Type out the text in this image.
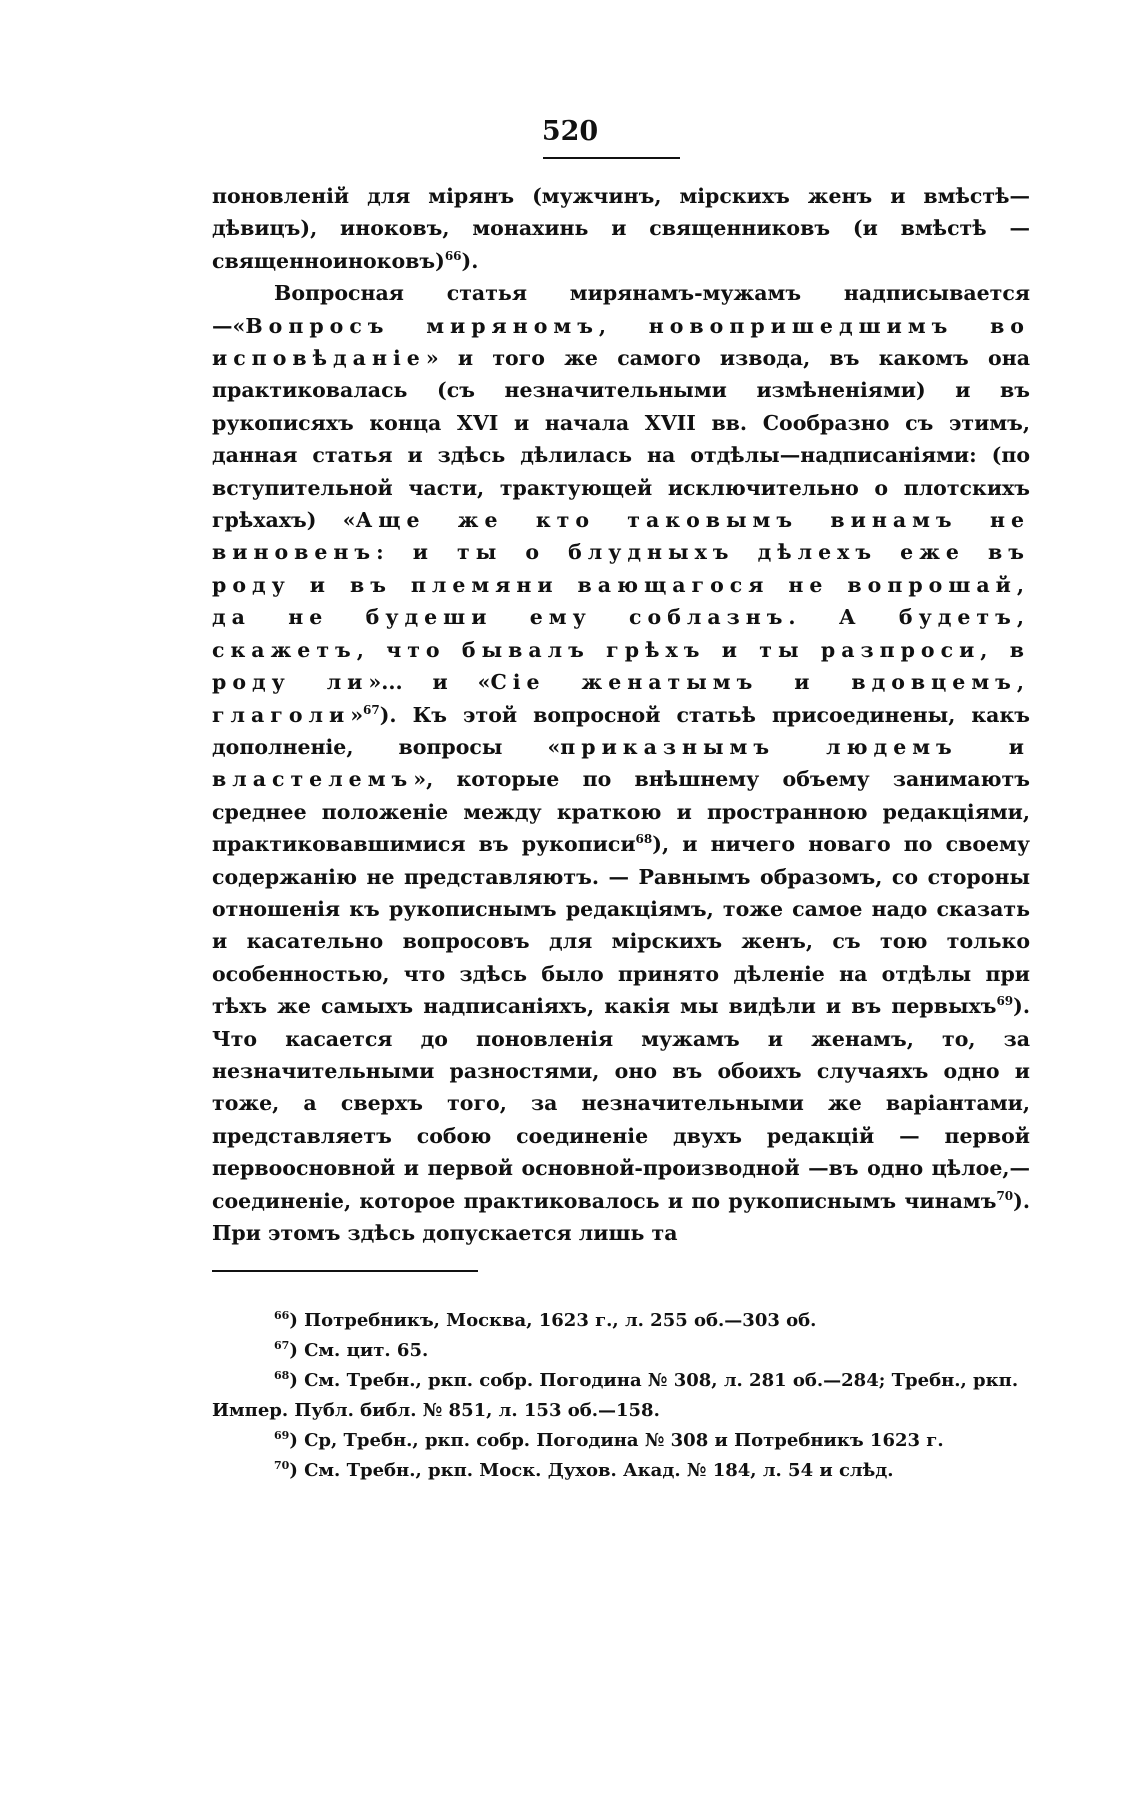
520

поновленій для мірянъ (мужчинъ, мірскихъ женъ и вмѣстѣ—дѣвицъ), иноковъ, монахинь и священниковъ (и вмѣстѣ — священноиноковъ)$^{66}$).

Вопросная статья мирянамъ-мужамъ надписывается—«Вопросъ миряномъ, новопришедшимъ во исповѣданіе» и того же самого извода, въ какомъ она практиковалась (съ незначительными измѣненіями) и въ рукописяхъ конца XVI и начала XVII вв. Сообразно съ этимъ, данная статья и здѣсь дѣлилась на отдѣлы—надписаніями: (по вступительной части, трактующей исключительно о плотскихъ грѣхахъ) «Аще же кто таковымъ винамъ не виновенъ: и ты о блудныхъ дѣлехъ еже въ роду и въ племяни вающагося не вопрошай, да не будеши ему соблазнъ. А будетъ, скажетъ, что бывалъ грѣхъ и ты разпроси, в роду ли»... и «Сіе женатымъ и вдовцемъ, глаголи»$^{67}$). Къ этой вопросной статьѣ присоединены, какъ дополненіе, вопросы «приказнымъ людемъ и властелемъ», которые по внѣшнему объему занимаютъ среднее положеніе между краткою и пространною редакціями, практиковавшимися въ рукописи$^{68}$), и ничего новаго по своему содержанію не представляютъ. — Равнымъ образомъ, со стороны отношенія къ рукописнымъ редакціямъ, тоже самое надо сказать и касательно вопросовъ для мірскихъ женъ, съ тою только особенностью, что здѣсь было принято дѣленіе на отдѣлы при тѣхъ же самыхъ надписаніяхъ, какія мы видѣли и въ первыхъ$^{69}$). Что касается до поновленія мужамъ и женамъ, то, за незначительными разностями, оно въ обоихъ случаяхъ одно и тоже, а сверхъ того, за незначительными же варіантами, представляетъ собою соединеніе двухъ редакцій — первой первоосновной и первой основной-производной —въ одно цѣлое,—соединеніе, которое практиковалось и по рукописнымъ чинамъ$^{70}$). При этомъ здѣсь допускается лишь та

$^{66}$) Потребникъ, Москва, 1623 г., л. 255 об.—303 об.

$^{67}$) См. цит. 65.

$^{68}$) См. Требн., ркп. собр. Погодина № 308, л. 281 об.—284; Требн., ркп. Импер. Публ. библ. № 851, л. 153 об.—158.

$^{69}$) Ср, Требн., ркп. собр. Погодина № 308 и Потребникъ 1623 г.

$^{70}$) См. Требн., ркп. Моск. Духов. Акад. № 184, л. 54 и слѣд.
